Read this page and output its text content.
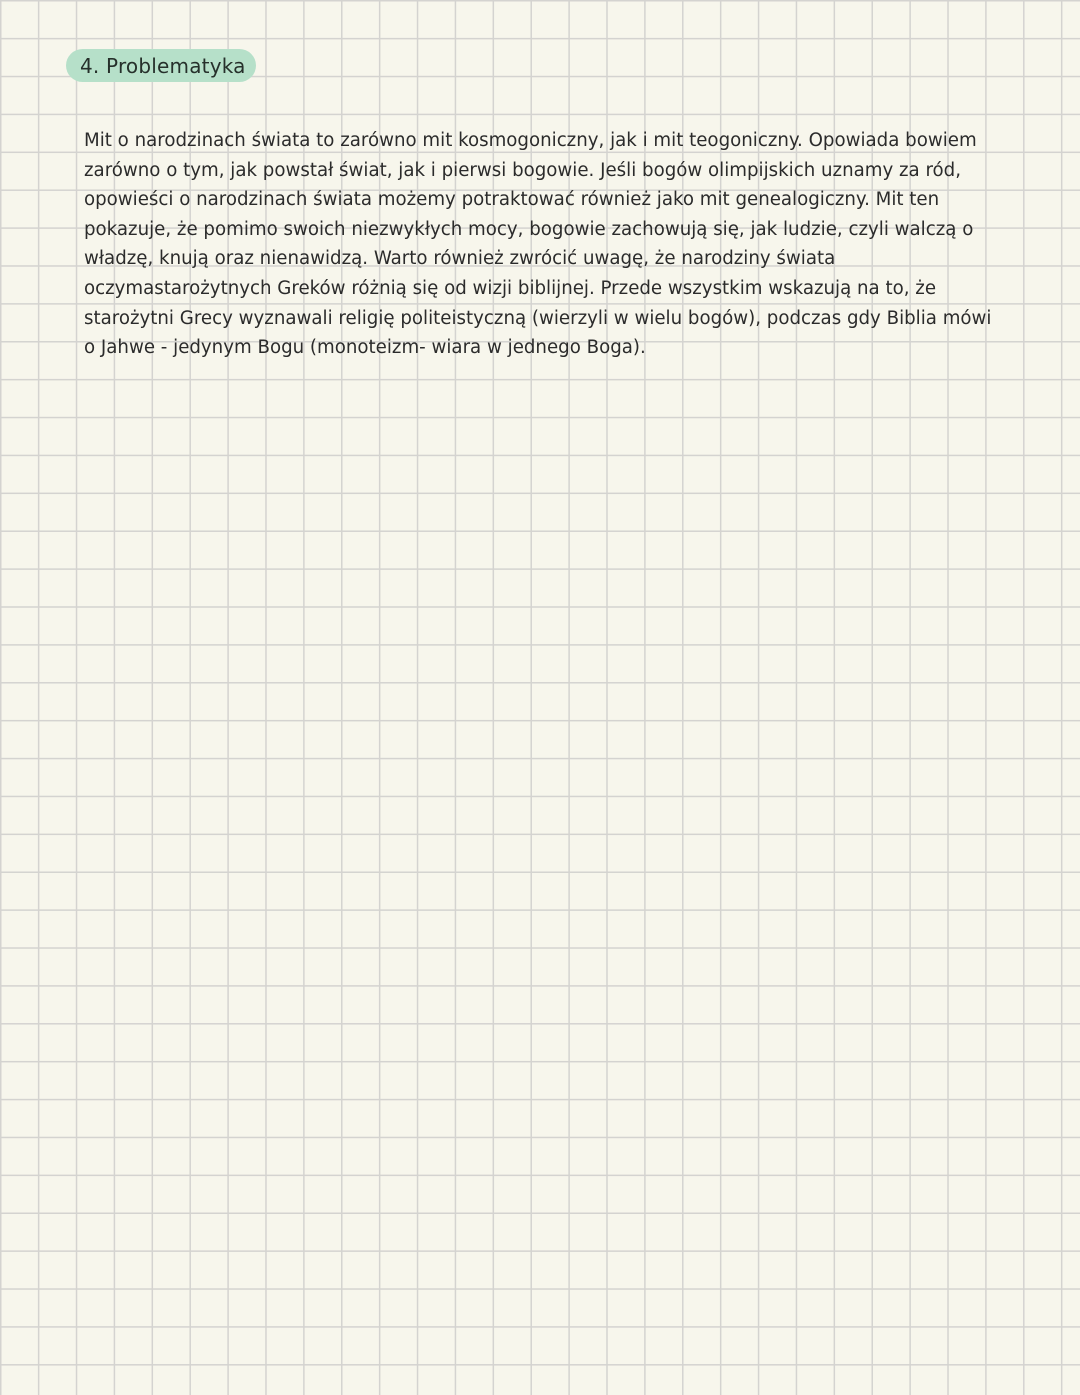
4. Problematyka
Mit o narodzinach świata to zarówno mit kosmogoniczny, jak i mit teogoniczny. Opowiada bowiem
zarówno o tym, jak powstał świat, jak i pierwsi bogowie. Jeśli bogów olimpijskich uznamy za ród,
opowieści o narodzinach świata możemy potraktować również jako mit genealogiczny. Mit ten
pokazuje, że pomimo swoich niezwykłych mocy, bogowie zachowują się, jak ludzie, czyli walczą o
władzę, knują oraz nienawidzą. Warto również zwrócić uwagę, że narodziny świata
oczymastarożytnych Greków różnią się od wizji biblijnej. Przede wszystkim wskazują na to, że
starożytni Grecy wyznawali religię politeistyczną (wierzyli w wielu bogów), podczas gdy Biblia mówi
o Jahwe - jedynym Bogu (monoteizm- wiara w jednego Boga).
